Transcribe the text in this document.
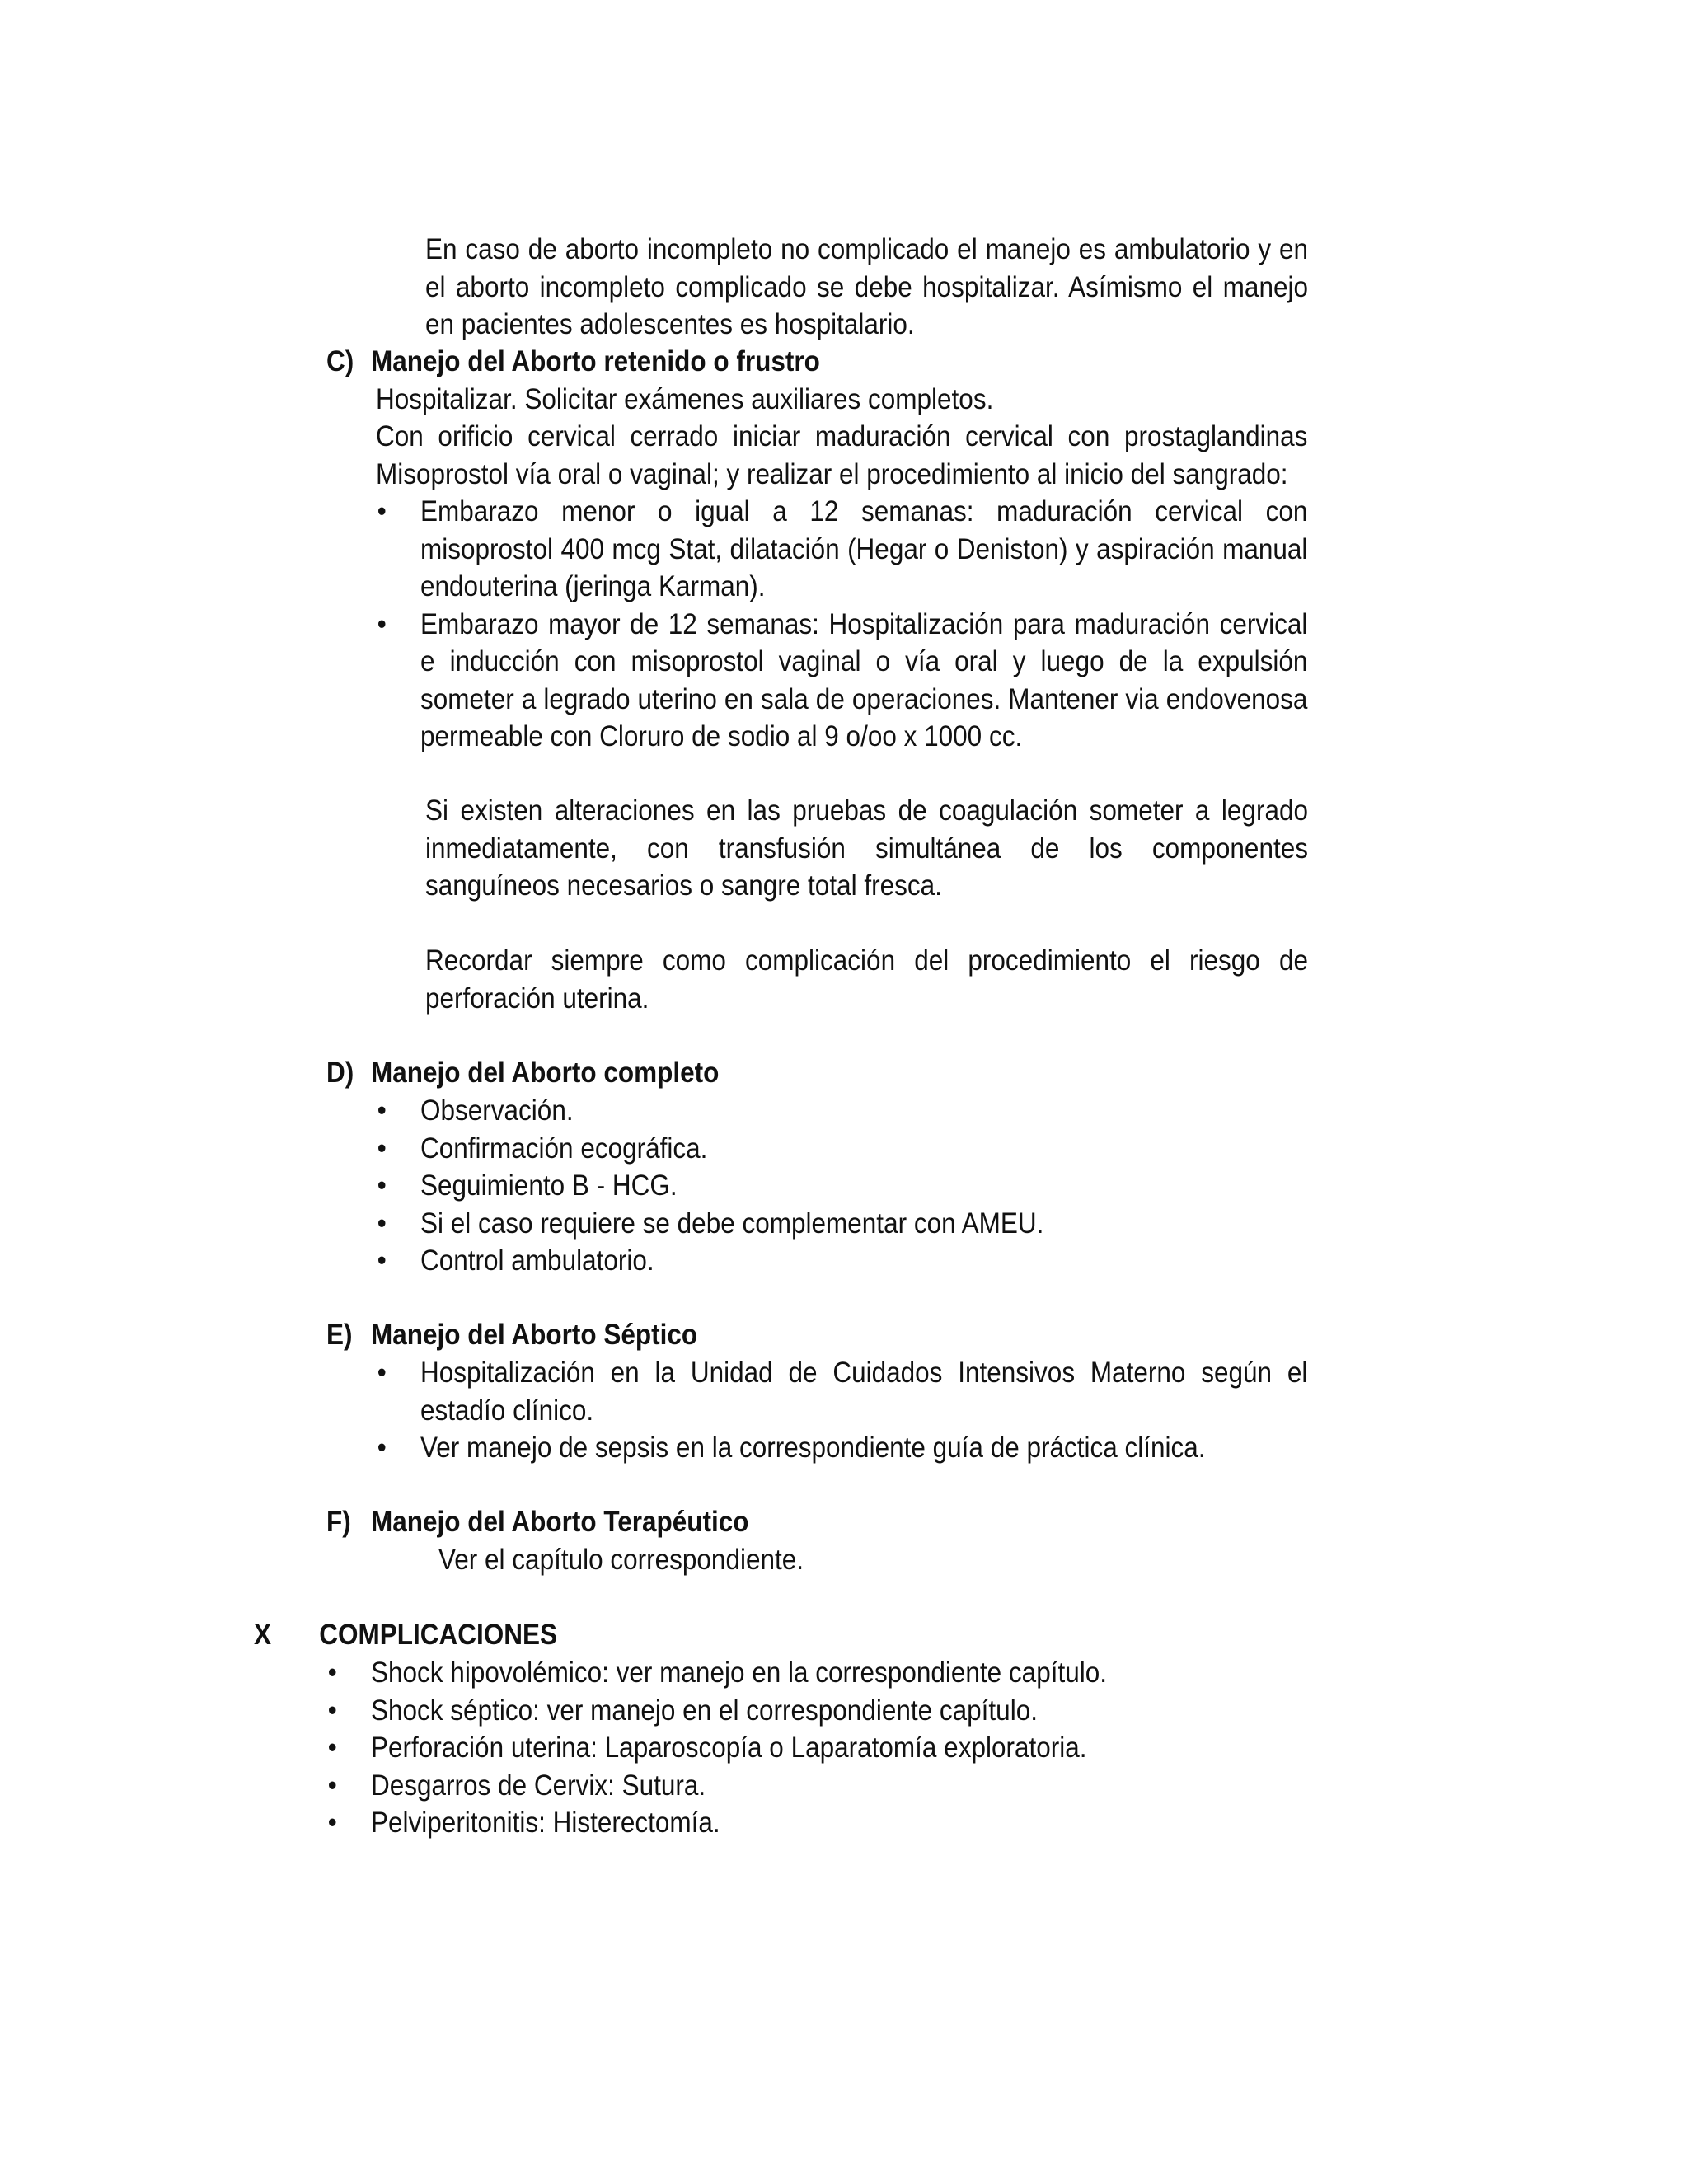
En caso de aborto incompleto no complicado el manejo es ambulatorio y en el aborto incompleto complicado se debe hospitalizar. Asímismo el manejo en pacientes adolescentes es hospitalario.

C) Manejo del Aborto retenido o frustro

Hospitalizar. Solicitar exámenes auxiliares completos.

Con orificio cervical cerrado iniciar maduración cervical con prostaglandinas Misoprostol vía oral o vaginal; y realizar el procedimiento al inicio del sangrado:

• Embarazo menor o igual a 12 semanas: maduración cervical con misoprostol 400 mcg Stat, dilatación (Hegar o Deniston) y aspiración manual endouterina (jeringa Karman).
• Embarazo mayor de 12 semanas: Hospitalización para maduración cervical e inducción con misoprostol vaginal o vía oral y luego de la expulsión someter a legrado uterino en sala de operaciones. Mantener via endovenosa permeable con Cloruro de sodio al 9 o/oo x 1000 cc.

Si existen alteraciones en las pruebas de coagulación someter a legrado inmediatamente, con transfusión simultánea de los componentes sanguíneos necesarios o sangre total fresca.

Recordar siempre como complicación del procedimiento el riesgo de perforación uterina.

D) Manejo del Aborto completo
• Observación.
• Confirmación ecográfica.
• Seguimiento B - HCG.
• Si el caso requiere se debe complementar con AMEU.
• Control ambulatorio.
E) Manejo del Aborto Séptico
• Hospitalización en la Unidad de Cuidados Intensivos Materno según el estadío clínico.
• Ver manejo de sepsis en la correspondiente guía de práctica clínica.
F) Manejo del Aborto Terapéutico

Ver el capítulo correspondiente.

X COMPLICACIONES
• Shock hipovolémico: ver manejo en la correspondiente capítulo.
• Shock séptico: ver manejo en el correspondiente capítulo.
• Perforación uterina: Laparoscopía o Laparatomía exploratoria.
• Desgarros de Cervix: Sutura.
• Pelviperitonitis: Histerectomía.
